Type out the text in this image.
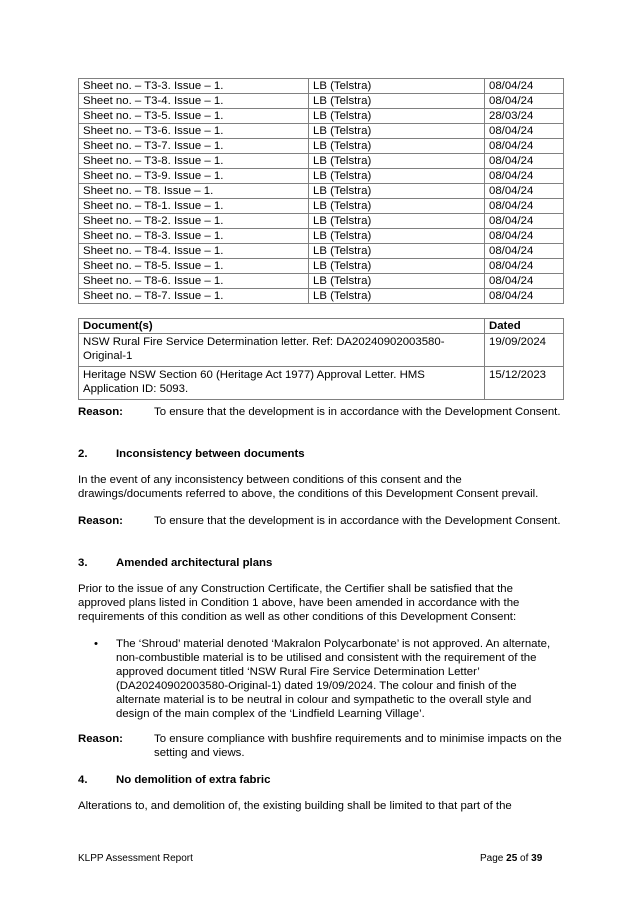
Sheet no. – T3-3. Issue – 1.	LB (Telstra)	08/04/24
Sheet no. – T3-4. Issue – 1.	LB (Telstra)	08/04/24
Sheet no. – T3-5. Issue – 1.	LB (Telstra)	28/03/24
Sheet no. – T3-6. Issue – 1.	LB (Telstra)	08/04/24
Sheet no. – T3-7. Issue – 1.	LB (Telstra)	08/04/24
Sheet no. – T3-8. Issue – 1.	LB (Telstra)	08/04/24
Sheet no. – T3-9. Issue – 1.	LB (Telstra)	08/04/24
Sheet no. – T8. Issue – 1.	LB (Telstra)	08/04/24
Sheet no. – T8-1. Issue – 1.	LB (Telstra)	08/04/24
Sheet no. – T8-2. Issue – 1.	LB (Telstra)	08/04/24
Sheet no. – T8-3. Issue – 1.	LB (Telstra)	08/04/24
Sheet no. – T8-4. Issue – 1.	LB (Telstra)	08/04/24
Sheet no. – T8-5. Issue – 1.	LB (Telstra)	08/04/24
Sheet no. – T8-6. Issue – 1.	LB (Telstra)	08/04/24
Sheet no. – T8-7. Issue – 1.	LB (Telstra)	08/04/24
Document(s)	Dated
NSW Rural Fire Service Determination letter. Ref: DA20240902003580-Original-1	19/09/2024
Heritage NSW Section 60 (Heritage Act 1977) Approval Letter. HMS Application ID: 5093.	15/12/2023
Reason:	To ensure that the development is in accordance with the Development Consent.
2.	Inconsistency between documents
In the event of any inconsistency between conditions of this consent and the drawings/documents referred to above, the conditions of this Development Consent prevail.
Reason:	To ensure that the development is in accordance with the Development Consent.
3.	Amended architectural plans
Prior to the issue of any Construction Certificate, the Certifier shall be satisfied that the approved plans listed in Condition 1 above, have been amended in accordance with the requirements of this condition as well as other conditions of this Development Consent:
• The ‘Shroud’ material denoted ‘Makralon Polycarbonate’ is not approved. An alternate, non-combustible material is to be utilised and consistent with the requirement of the approved document titled ‘NSW Rural Fire Service Determination Letter’ (DA20240902003580-Original-1) dated 19/09/2024. The colour and finish of the alternate material is to be neutral in colour and sympathetic to the overall style and design of the main complex of the ‘Lindfield Learning Village’.
Reason:	To ensure compliance with bushfire requirements and to minimise impacts on the setting and views.
4.	No demolition of extra fabric
Alterations to, and demolition of, the existing building shall be limited to that part of the
KLPP Assessment Report	Page 25 of 39
